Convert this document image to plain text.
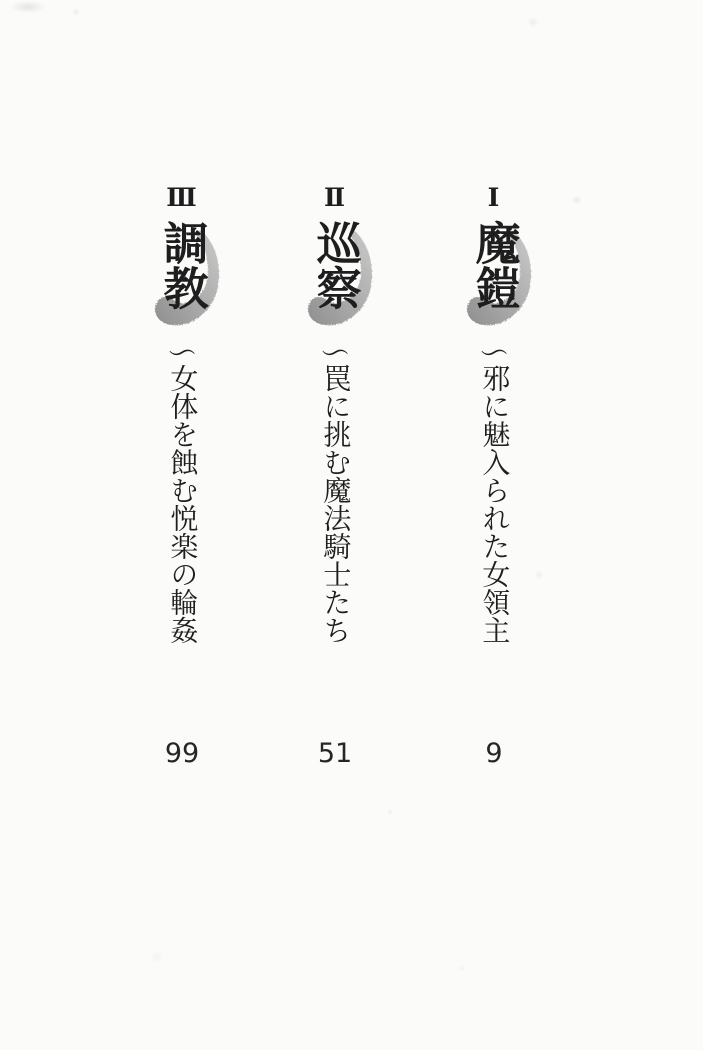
Ⅰ
魔鎧
〜邪に魅入られた女領主
9
Ⅱ
巡察
〜罠に挑む魔法騎士たち
51
Ⅲ
調教
〜女体を蝕む悦楽の輪姦
99
